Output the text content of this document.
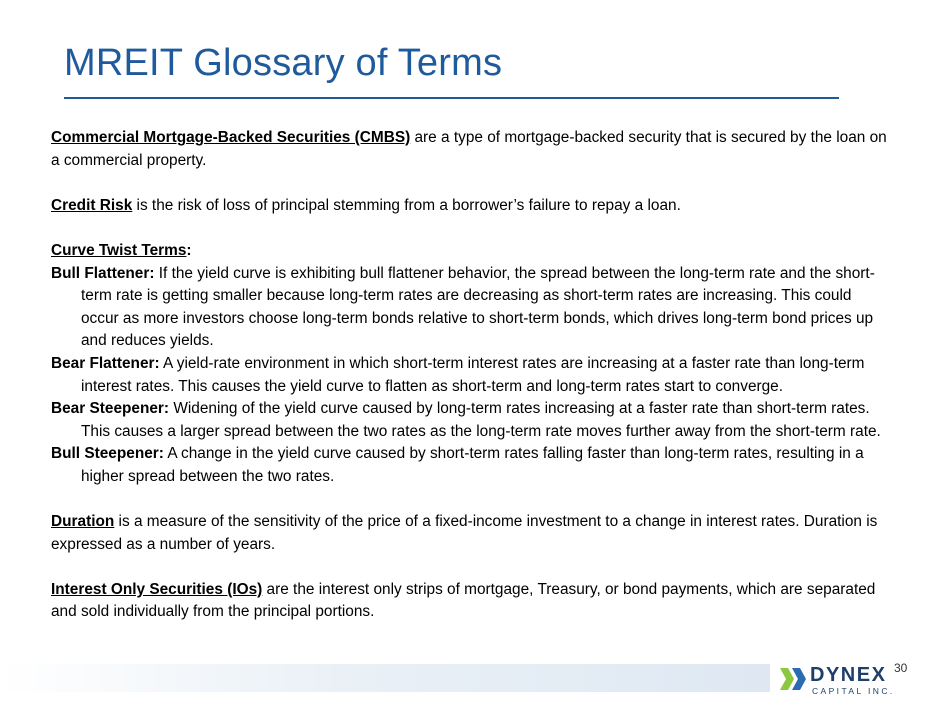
MREIT Glossary of Terms

Commercial Mortgage-Backed Securities (CMBS) are a type of mortgage-backed security that is secured by the loan on a commercial property.

Credit Risk is the risk of loss of principal stemming from a borrower’s failure to repay a loan.

Curve Twist Terms:

Bull Flattener: If the yield curve is exhibiting bull flattener behavior, the spread between the long-term rate and the short-term rate is getting smaller because long-term rates are decreasing as short-term rates are increasing. This could occur as more investors choose long-term bonds relative to short-term bonds, which drives long-term bond prices up and reduces yields.

Bear Flattener: A yield-rate environment in which short-term interest rates are increasing at a faster rate than long-term interest rates. This causes the yield curve to flatten as short-term and long-term rates start to converge.

Bear Steepener: Widening of the yield curve caused by long-term rates increasing at a faster rate than short-term rates. This causes a larger spread between the two rates as the long-term rate moves further away from the short-term rate.

Bull Steepener: A change in the yield curve caused by short-term rates falling faster than long-term rates, resulting in a higher spread between the two rates.

Duration is a measure of the sensitivity of the price of a fixed-income investment to a change in interest rates. Duration is expressed as a number of years.

Interest Only Securities (IOs) are the interest only strips of mortgage, Treasury, or bond payments, which are separated and sold individually from the principal portions.

DYNEX
CAPITAL INC.
30
